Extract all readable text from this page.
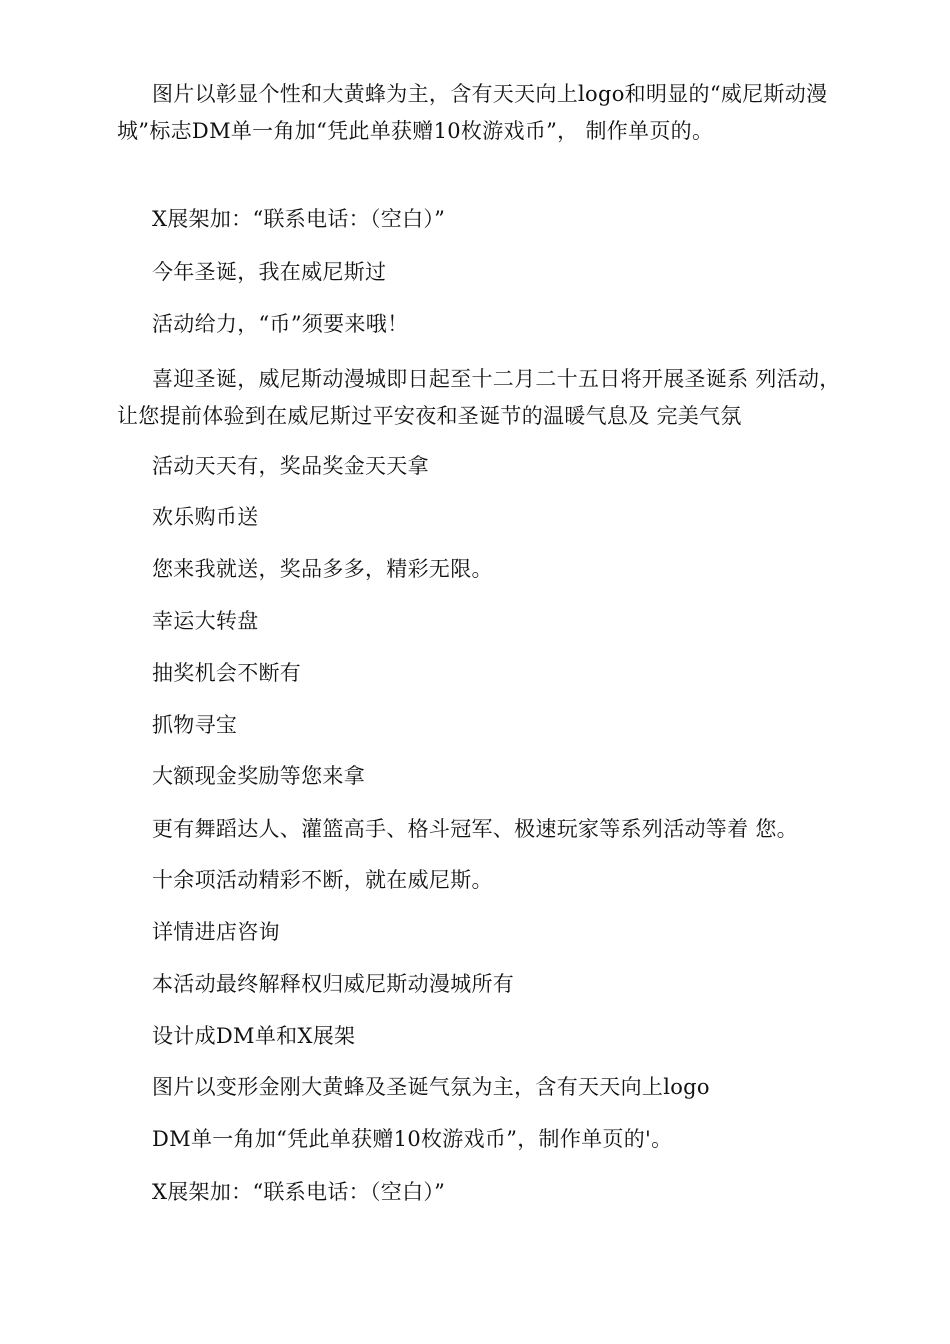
图片以彰显个性和大黄蜂为主，含有天天向上logo和明显的“威尼斯动漫城”标志DM单一角加“凭此单获赠10枚游戏币”， 制作单页的。

X展架加：“联系电话：（空白）”

今年圣诞，我在威尼斯过

活动给力，“币”须要来哦！

喜迎圣诞，威尼斯动漫城即日起至十二月二十五日将开展圣诞系 列活动，让您提前体验到在威尼斯过平安夜和圣诞节的温暖气息及 完美气氛

活动天天有，奖品奖金天天拿

欢乐购币送

您来我就送，奖品多多，精彩无限。

幸运大转盘

抽奖机会不断有

抓物寻宝

大额现金奖励等您来拿

更有舞蹈达人、灌篮高手、格斗冠军、极速玩家等系列活动等着 您。

十余项活动精彩不断，就在威尼斯。

详情进店咨询

本活动最终解释权归威尼斯动漫城所有

设计成DM单和X展架

图片以变形金刚大黄蜂及圣诞气氛为主，含有天天向上logo

DM单一角加“凭此单获赠10枚游戏币”，制作单页的'。

X展架加：“联系电话：（空白）”
